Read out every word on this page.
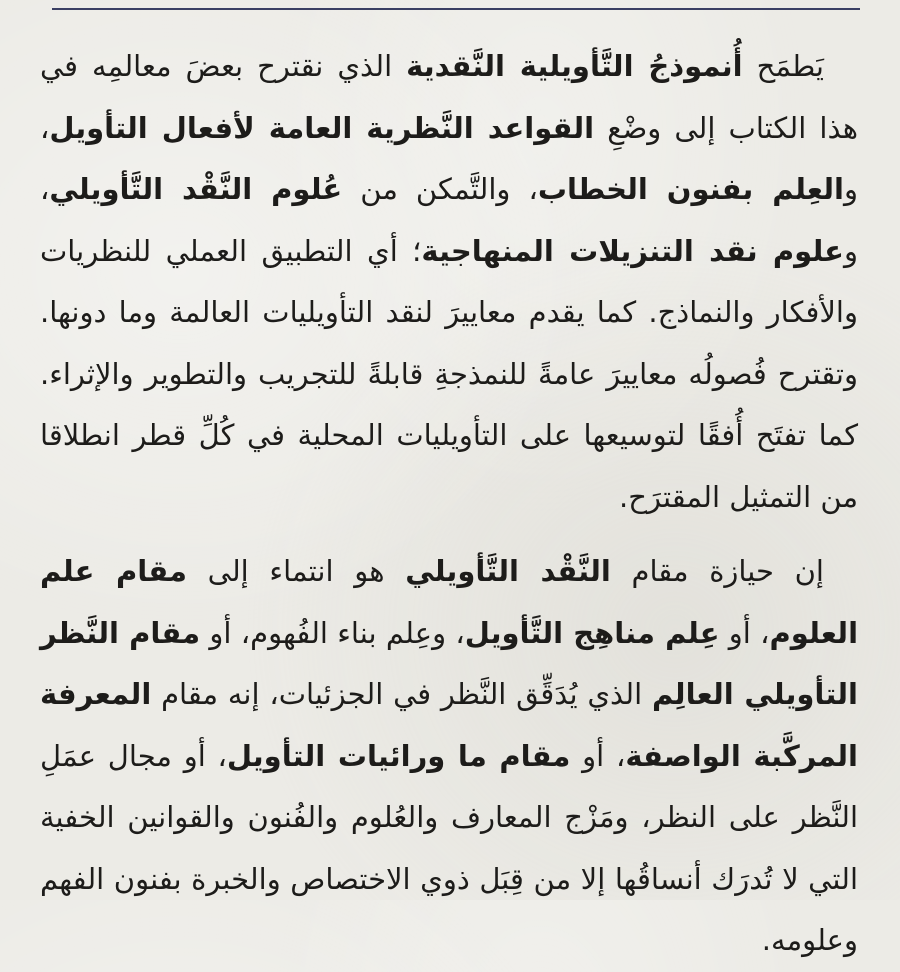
يَطمَح أُنموذجُ التَّأويلية النَّقدية الذي نقترح بعضَ معالمِه في هذا الكتاب إلى وضْعِ القواعد النَّظرية العامة لأفعال التأويل، والعِلم بفنون الخطاب، والتَّمكن من عُلوم النَّقْد التَّأويلي، وعلوم نقد التنزيلات المنهاجية؛ أي التطبيق العملي للنظريات والأفكار والنماذج. كما يقدم معاييرَ لنقد التأويليات العالمة وما دونها. وتقترح فُصولُه معاييرَ عامةً للنمذجةِ قابلةً للتجريب والتطوير والإثراء. كما تفتَح أُفقًا لتوسيعها على التأويليات المحلية في كُلِّ قطر انطلاقا من التمثيل المقترَح.

إن حيازة مقام النَّقْد التَّأويلي هو انتماء إلى مقام علم العلوم، أو عِلم مناهِج التَّأويل، وعِلم بناء الفُهوم، أو مقام النَّظر التأويلي العالِم الذي يُدَقِّق النَّظر في الجزئيات، إنه مقام المعرفة المركَّبة الواصفة، أو مقام ما ورائيات التأويل، أو مجال عمَلِ النَّظر على النظر، ومَزْج المعارف والعُلوم والفُنون والقوانين الخفية التي لا تُدرَك أنساقُها إلا من قِبَل ذوي الاختصاص والخبرة بفنون الفهم وعلومه.
